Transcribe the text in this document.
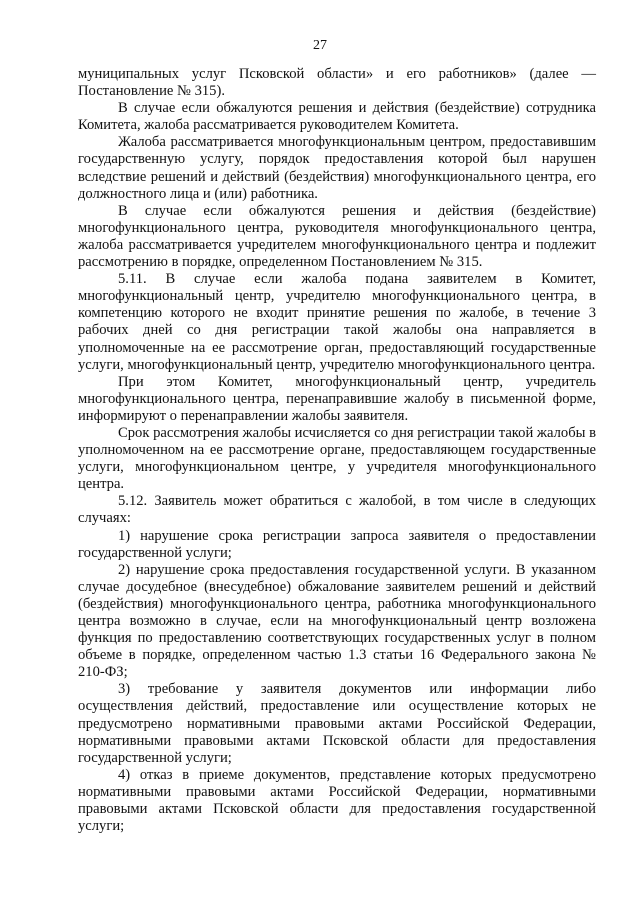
27

муниципальных услуг Псковской области» и его работников» (далее — Постановление № 315).

В случае если обжалуются решения и действия (бездействие) сотрудника Комитета, жалоба рассматривается руководителем Комитета.

Жалоба рассматривается многофункциональным центром, предоставившим государственную услугу, порядок предоставления которой был нарушен вследствие решений и действий (бездействия) многофункционального центра, его должностного лица и (или) работника.

В случае если обжалуются решения и действия (бездействие) многофункционального центра, руководителя многофункционального центра, жалоба рассматривается учредителем многофункционального центра и подлежит рассмотрению в порядке, определенном Постановлением № 315.

5.11. В случае если жалоба подана заявителем в Комитет, многофункциональный центр, учредителю многофункционального центра, в компетенцию которого не входит принятие решения по жалобе, в течение 3 рабочих дней со дня регистрации такой жалобы она направляется в уполномоченные на ее рассмотрение орган, предоставляющий государственные услуги, многофункциональный центр, учредителю многофункционального центра.

При этом Комитет, многофункциональный центр, учредитель многофункционального центра, перенаправившие жалобу в письменной форме, информируют о перенаправлении жалобы заявителя.

Срок рассмотрения жалобы исчисляется со дня регистрации такой жалобы в уполномоченном на ее рассмотрение органе, предоставляющем государственные услуги, многофункциональном центре, у учредителя многофункционального центра.

5.12. Заявитель может обратиться с жалобой, в том числе в следующих случаях:

1) нарушение срока регистрации запроса заявителя о предоставлении государственной услуги;

2) нарушение срока предоставления государственной услуги. В указанном случае досудебное (внесудебное) обжалование заявителем решений и действий (бездействия) многофункционального центра, работника многофункционального центра возможно в случае, если на многофункциональный центр возложена функция по предоставлению соответствующих государственных услуг в полном объеме в порядке, определенном частью 1.3 статьи 16 Федерального закона № 210-ФЗ;

3) требование у заявителя документов или информации либо осуществления действий, предоставление или осуществление которых не предусмотрено нормативными правовыми актами Российской Федерации, нормативными правовыми актами Псковской области для предоставления государственной услуги;

4) отказ в приеме документов, представление которых предусмотрено нормативными правовыми актами Российской Федерации, нормативными правовыми актами Псковской области для предоставления государственной услуги;
